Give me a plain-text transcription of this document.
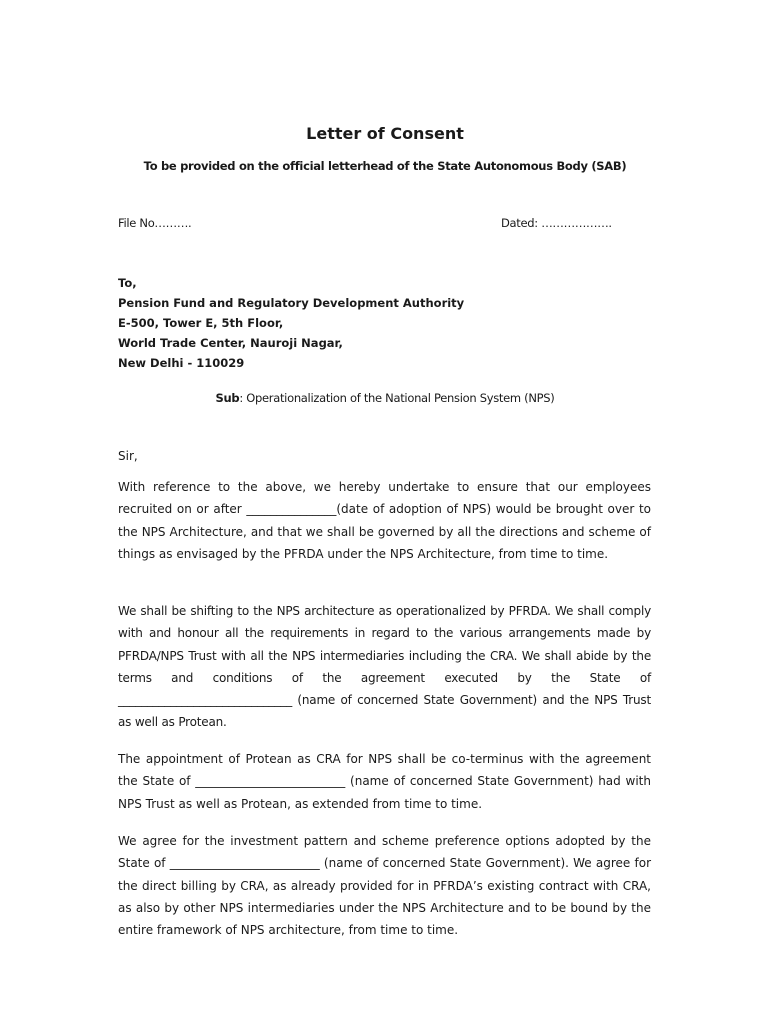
Letter of Consent
To be provided on the official letterhead of the State Autonomous Body (SAB)
File No……….	Dated: ……………….
To,
Pension Fund and Regulatory Development Authority
E-500, Tower E, 5th Floor,
World Trade Center, Nauroji Nagar,
New Delhi - 110029
Sub: Operationalization of the National Pension System (NPS)
Sir,
With reference to the above, we hereby undertake to ensure that our employees recruited on or after _______________(date of adoption of NPS) would be brought over to the NPS Architecture, and that we shall be governed by all the directions and scheme of things as envisaged by the PFRDA under the NPS Architecture, from time to time.
We shall be shifting to the NPS architecture as operationalized by PFRDA. We shall comply with and honour all the requirements in regard to the various arrangements made by PFRDA/NPS Trust with all the NPS intermediaries including the CRA. We shall abide by the terms and conditions of the agreement executed by the State of ______________________________ (name of concerned State Government) and the NPS Trust as well as Protean.
The appointment of Protean as CRA for NPS shall be co-terminus with the agreement the State of _________________________ (name of concerned State Government) had with NPS Trust as well as Protean, as extended from time to time.
We agree for the investment pattern and scheme preference options adopted by the State of _________________________ (name of concerned State Government). We agree for the direct billing by CRA, as already provided for in PFRDA’s existing contract with CRA, as also by other NPS intermediaries under the NPS Architecture and to be bound by the entire framework of NPS architecture, from time to time.
